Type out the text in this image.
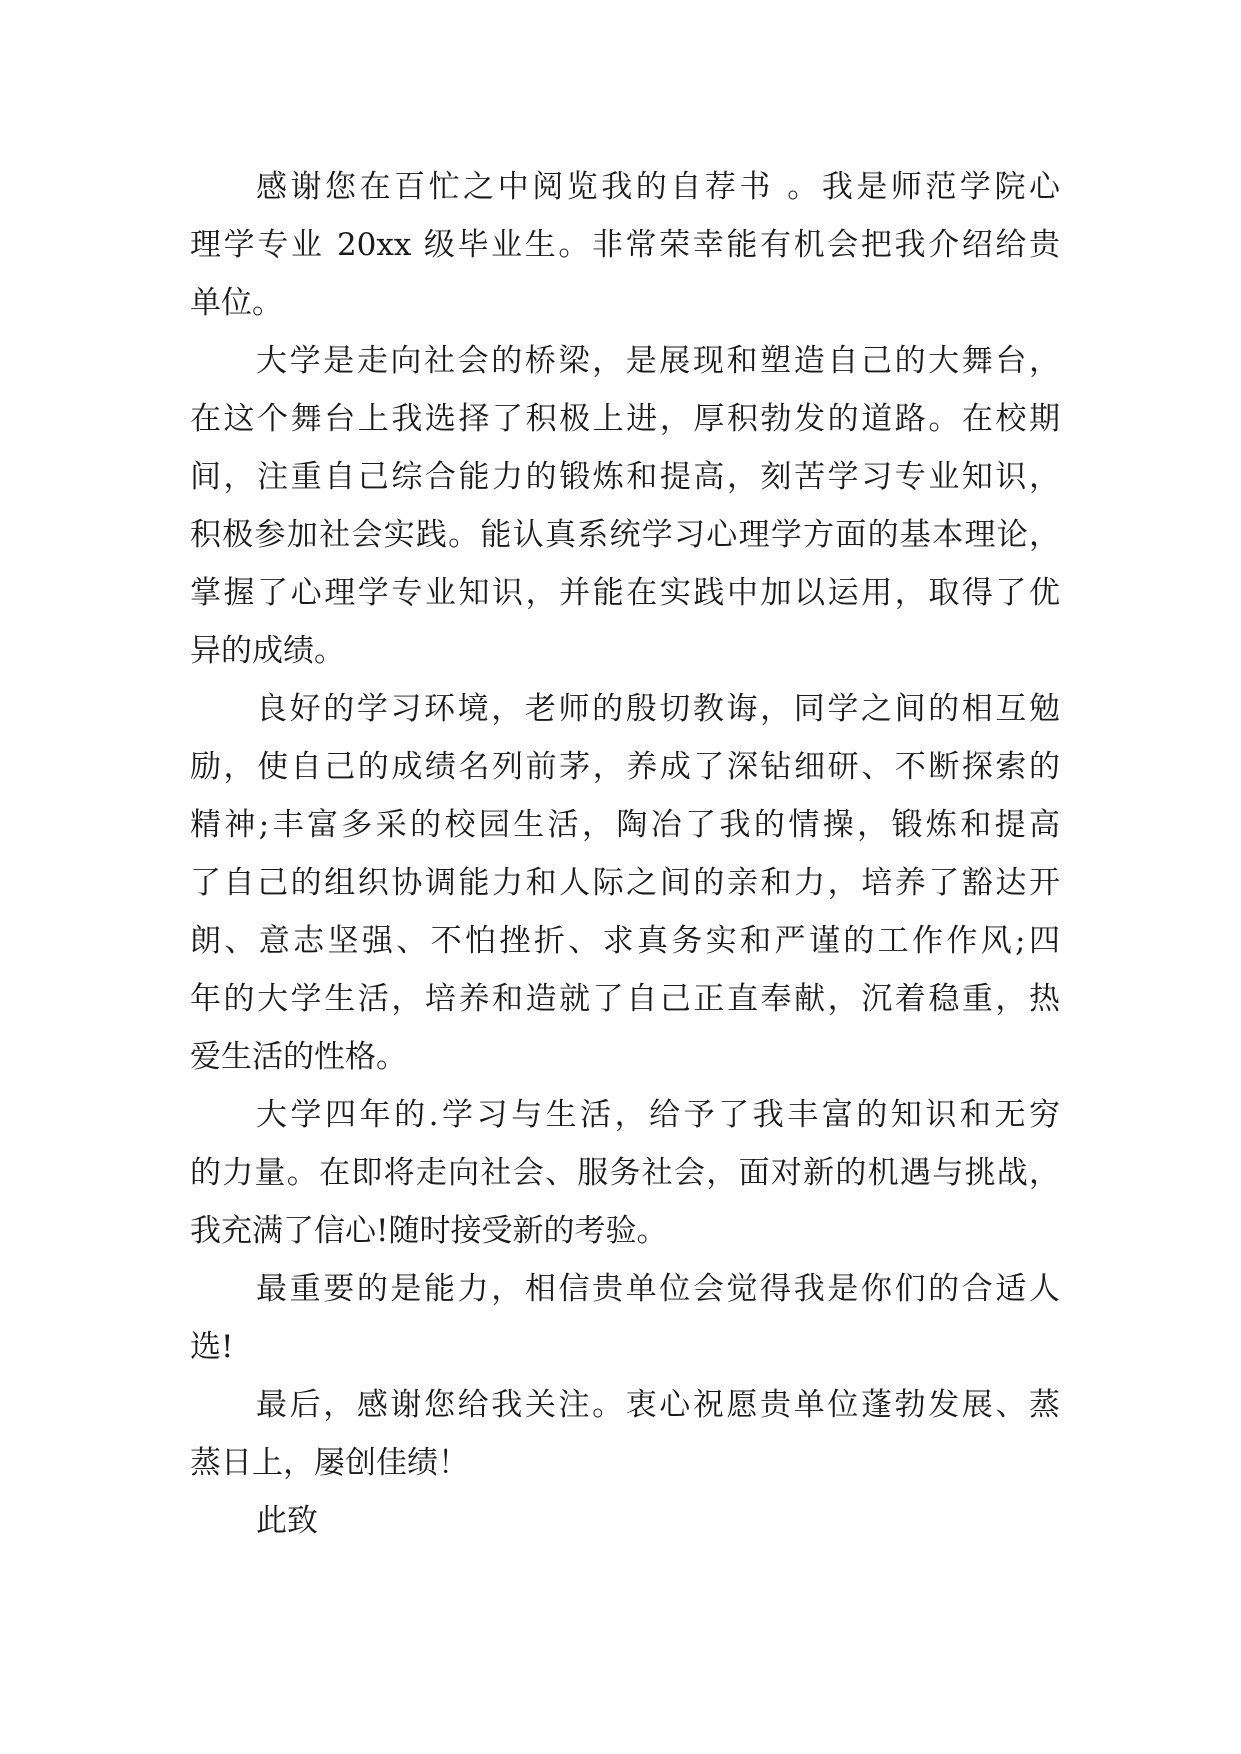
感谢您在百忙之中阅览我的自荐书 。我是师范学院心
理学专业 20xx 级毕业生。非常荣幸能有机会把我介绍给贵
单位。
大学是走向社会的桥梁，是展现和塑造自己的大舞台，
在这个舞台上我选择了积极上进，厚积勃发的道路。在校期
间，注重自己综合能力的锻炼和提高，刻苦学习专业知识，
积极参加社会实践。能认真系统学习心理学方面的基本理论，
掌握了心理学专业知识，并能在实践中加以运用，取得了优
异的成绩。
良好的学习环境，老师的殷切教诲，同学之间的相互勉
励，使自己的成绩名列前茅，养成了深钻细研、不断探索的
精神;丰富多采的校园生活，陶冶了我的情操，锻炼和提高
了自己的组织协调能力和人际之间的亲和力，培养了豁达开
朗、意志坚强、不怕挫折、求真务实和严谨的工作作风;四
年的大学生活，培养和造就了自己正直奉献，沉着稳重，热
爱生活的性格。
大学四年的.学习与生活，给予了我丰富的知识和无穷
的力量。在即将走向社会、服务社会，面对新的机遇与挑战，
我充满了信心!随时接受新的考验。
最重要的是能力，相信贵单位会觉得我是你们的合适人
选!
最后，感谢您给我关注。衷心祝愿贵单位蓬勃发展、蒸
蒸日上，屡创佳绩！
此致
